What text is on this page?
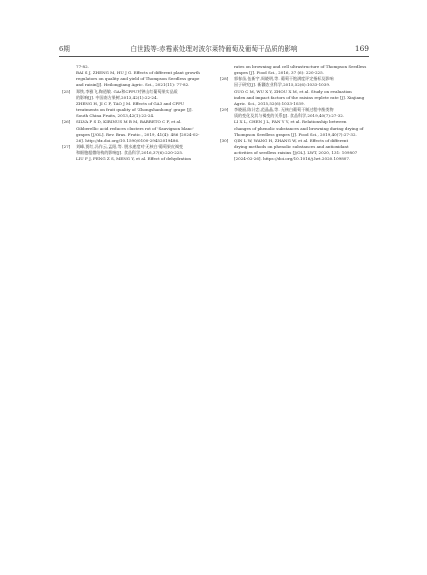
6期	白世践等:赤霉素处理对波尔莱特葡萄及葡萄干品质的影响	169
77-82.
BAI S J, ZHENG M, HU J G. Effects of different plant growth
regulators on quality and yield of Thompson Seedless grape
and raisin[J]. Heilongjiang Agric. Sci., 2021(11): 77-82.
[25] 郑铁,李雅飞,陶道敏. GA₃和CPPU对钟山红葡萄果实品质
的影响[J]. 中国南方果树,2013,42(1):22-24.
ZHENG H, JI C F, TAO J M. Effects of GA3 and CPPU
treatments on fruit quality of 'Zhongshanhong' grape [J].
South China Fruits, 2013,42(1):22-24.
[26] SILVA P S D, KIRINUS M B M, BARRETO C F, et al.
Gibberellic acid reduces clusters rot of 'Sauvignon blanc'
grapes [J/OL]. Rev. Bras. Frutic., 2019, 41(4): 486 [2024-02-
26]. http://dx.doi.org/10.1590/0100-29452019486.
[27] 刘峰,贾红,冯作云,孟阳,等. 脱水速度对'无核白'葡萄果皮褐变
和细胞超微结构的影响[J]. 食品科学,2016,37(6):220-225.
LIU F J, FENG Z S, MENG Y, et al. Effect of dehydration
rates on browning and cell ultrastructure of Thompson Seedless
grapes [J]. Food Sci., 2016, 37 (6): 220-225.
[28] 郭春苗,伍新宇,周晓明,等. 葡萄干饱满度评定指标及影响
因子研究[J]. 新疆农业科学,2015,52(6):1033-1039.
GUO C M, WU X Y, ZHOU X M, et al. Study on evaluation
index and impact factors of the raisins replete rate [J]. Xinjiang
Agric. Sci., 2015,52(6):1033-1039.
[29] 李晓丽,陈计恋,范晶晶,等. 无核白葡萄干制过程中酚类物
质的变化及其与褐变的关系[J]. 食品科学,2019,40(7):27-32.
LI X L, CHEN J L, FAN Y Y, et al. Relationship between
changes of phenolic substances and browning during drying of
Thompson Seedless grapes [J]. Food Sci., 2019,40(7):27-32.
[30] QIN L W, WANG H, ZHANG W, et al. Effects of different
drying methods on phenolic substances and antioxidant
activities of seedless raisins [J/OL]. LWT, 2020, 131: 109807
[2024-02-26]. https://doi.org/10.1016/j.lwt.2020.109807.
